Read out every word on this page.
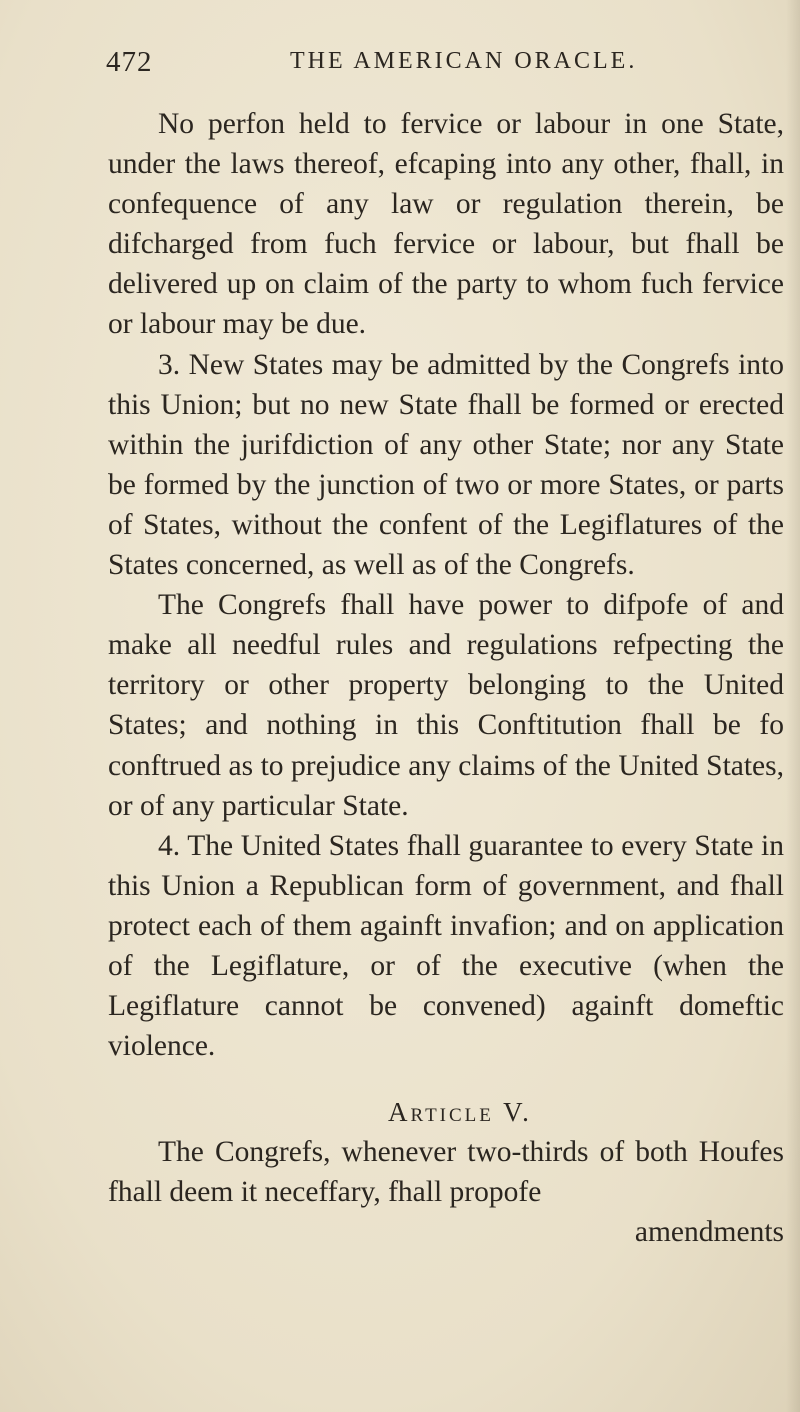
472	THE AMERICAN ORACLE.

No perfon held to fervice or labour in one State, under the laws thereof, efcaping into any other, fhall, in confequence of any law or regulation therein, be difcharged from fuch fervice or labour, but fhall be delivered up on claim of the party to whom fuch fervice or labour may be due.

3. New States may be admitted by the Congrefs into this Union; but no new State fhall be formed or erected within the jurifdiction of any other State; nor any State be formed by the junction of two or more States, or parts of States, without the confent of the Legiflatures of the States concerned, as well as of the Congrefs.

The Congrefs fhall have power to difpofe of and make all needful rules and regulations refpecting the territory or other property belonging to the United States; and nothing in this Conftitution fhall be fo conftrued as to prejudice any claims of the United States, or of any particular State.

4. The United States fhall guarantee to every State in this Union a Republican form of government, and fhall protect each of them againft invafion; and on application of the Legiflature, or of the executive (when the Legiflature cannot be convened) againft domeftic violence.

Article V.

The Congrefs, whenever two-thirds of both Houfes fhall deem it neceffary, fhall propofe

amendments
